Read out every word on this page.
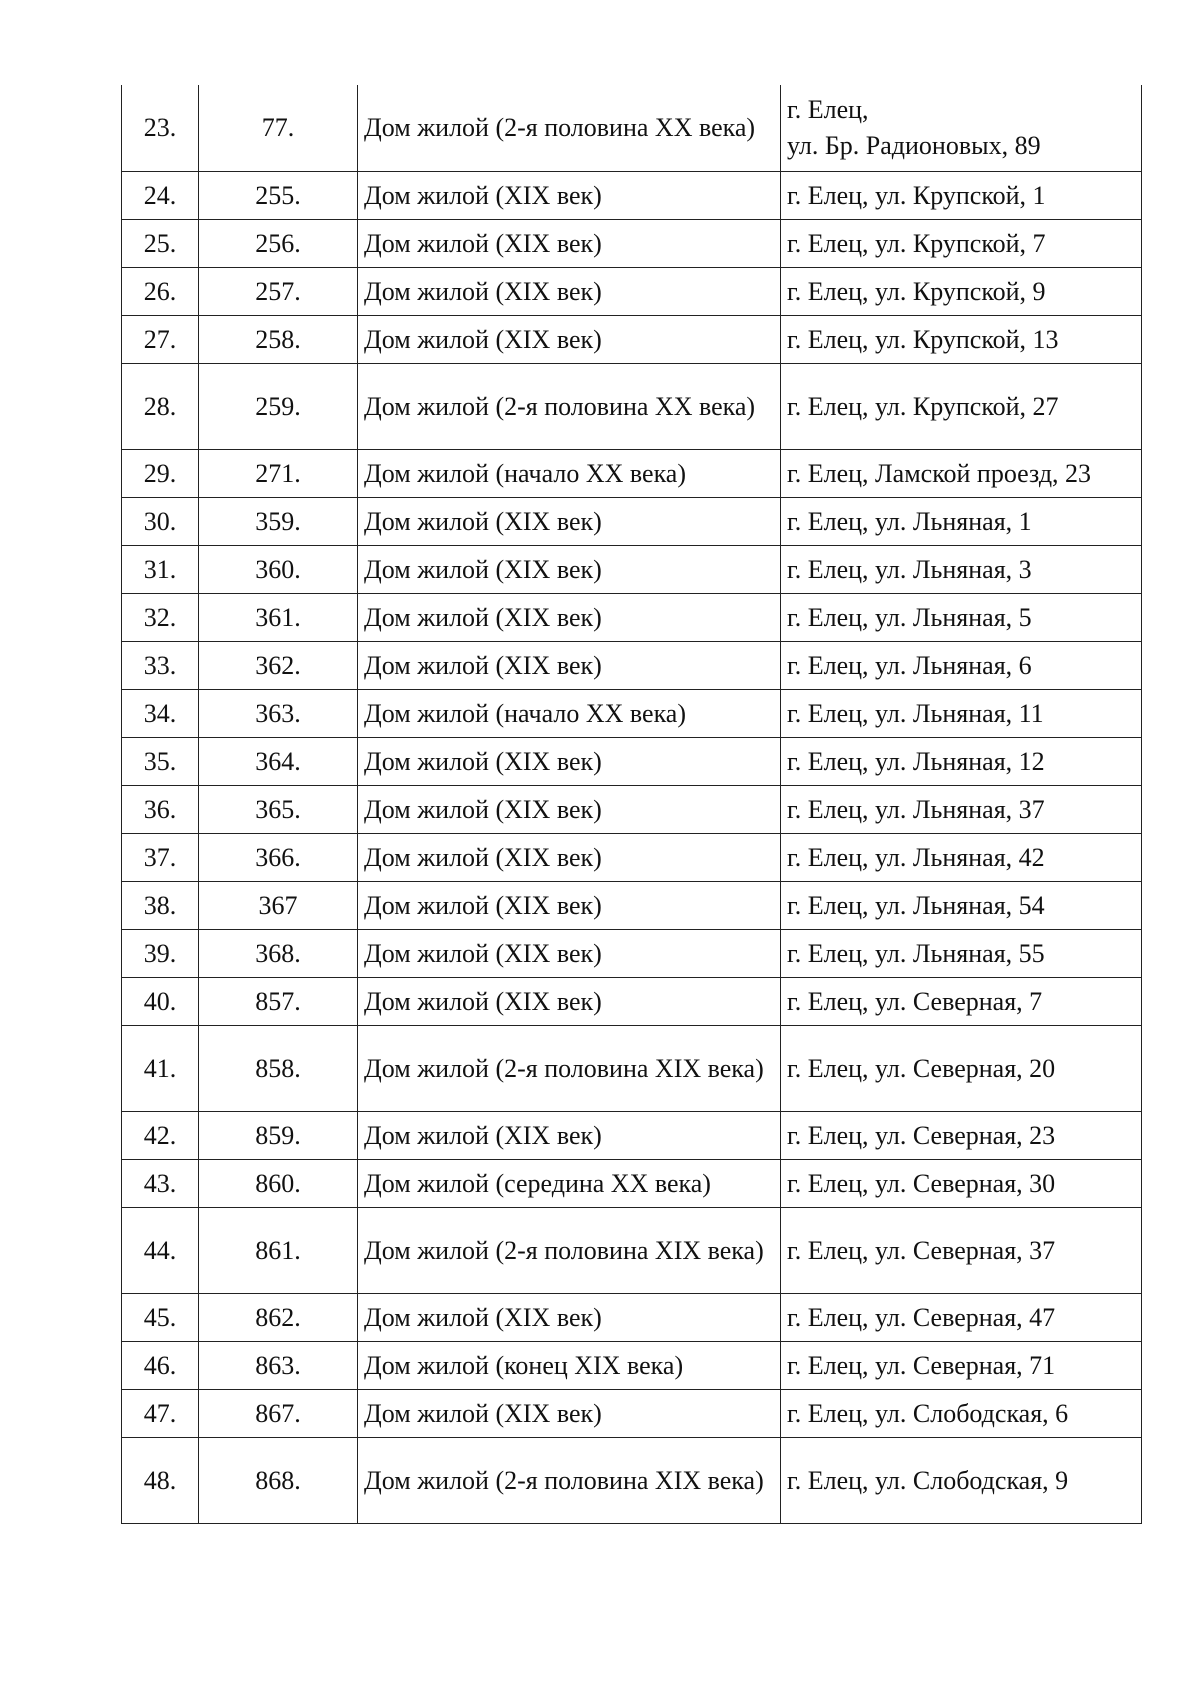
23.	77.	Дом жилой (2-я половина XX века)	г. Елец,
ул. Бр. Радионовых, 89
24.	255.	Дом жилой (XIX век)	г. Елец, ул. Крупской, 1
25.	256.	Дом жилой (XIX век)	г. Елец, ул. Крупской, 7
26.	257.	Дом жилой (XIX век)	г. Елец, ул. Крупской, 9
27.	258.	Дом жилой (XIX век)	г. Елец, ул. Крупской, 13
28.	259.	Дом жилой (2-я половина XX века)	г. Елец, ул. Крупской, 27
29.	271.	Дом жилой (начало XX века)	г. Елец, Ламской проезд, 23
30.	359.	Дом жилой (XIX век)	г. Елец, ул. Льняная, 1
31.	360.	Дом жилой (XIX век)	г. Елец, ул. Льняная, 3
32.	361.	Дом жилой (XIX век)	г. Елец, ул. Льняная, 5
33.	362.	Дом жилой (XIX век)	г. Елец, ул. Льняная, 6
34.	363.	Дом жилой (начало XX века)	г. Елец, ул. Льняная, 11
35.	364.	Дом жилой (XIX век)	г. Елец, ул. Льняная, 12
36.	365.	Дом жилой (XIX век)	г. Елец, ул. Льняная, 37
37.	366.	Дом жилой (XIX век)	г. Елец, ул. Льняная, 42
38.	367	Дом жилой (XIX век)	г. Елец, ул. Льняная, 54
39.	368.	Дом жилой (XIX век)	г. Елец, ул. Льняная, 55
40.	857.	Дом жилой (XIX век)	г. Елец, ул. Северная, 7
41.	858.	Дом жилой (2-я половина XIX века)	г. Елец, ул. Северная, 20
42.	859.	Дом жилой (XIX век)	г. Елец, ул. Северная, 23
43.	860.	Дом жилой (середина XX века)	г. Елец, ул. Северная, 30
44.	861.	Дом жилой (2-я половина XIX века)	г. Елец, ул. Северная, 37
45.	862.	Дом жилой (XIX век)	г. Елец, ул. Северная, 47
46.	863.	Дом жилой (конец XIX века)	г. Елец, ул. Северная, 71
47.	867.	Дом жилой (XIX век)	г. Елец, ул. Слободская, 6
48.	868.	Дом жилой (2-я половина XIX века)	г. Елец, ул. Слободская, 9
